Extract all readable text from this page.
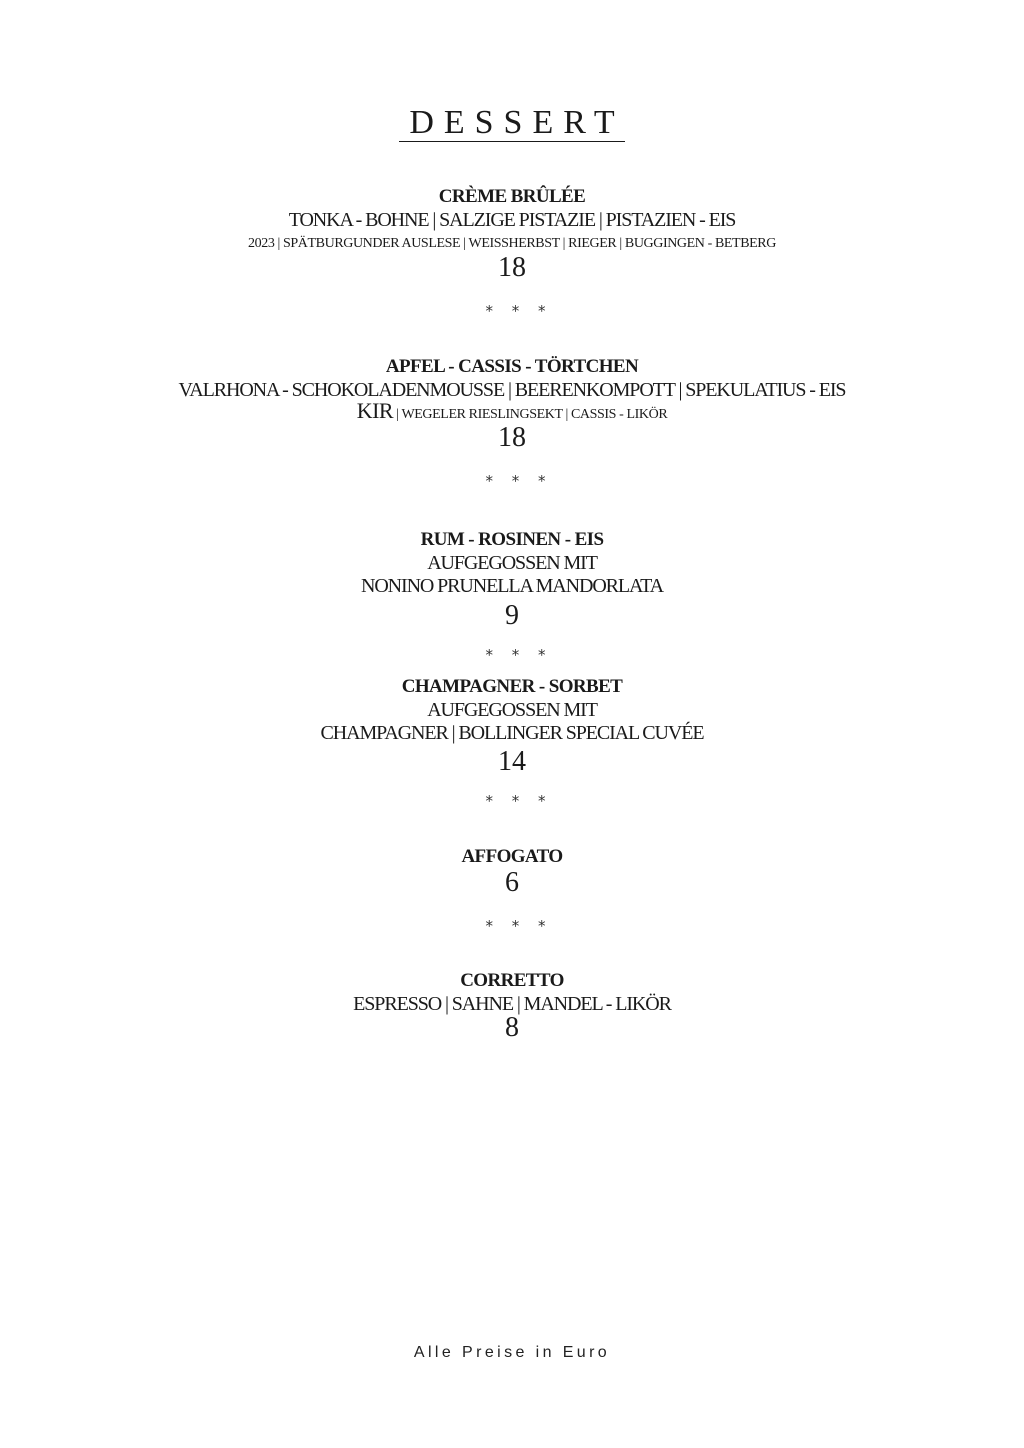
DESSERT
CRÈME BRÛLÉE
TONKA - BOHNE | SALZIGE PISTAZIE | PISTAZIEN - EIS
2023 | SPÄTBURGUNDER AUSLESE | WEISSHERBST | RIEGER | BUGGINGEN - BETBERG
18
* * *
APFEL - CASSIS - TÖRTCHEN
VALRHONA - SCHOKOLADENMOUSSE | BEERENKOMPOTT | SPEKULATIUS - EIS
KIR | WEGELER RIESLINGSEKT | CASSIS - LIKÖR
18
* * *
RUM - ROSINEN - EIS
AUFGEGOSSEN MIT
NONINO PRUNELLA MANDORLATA
9
* * *
CHAMPAGNER - SORBET
AUFGEGOSSEN MIT
CHAMPAGNER | BOLLINGER SPECIAL CUVÉE
14
* * *
AFFOGATO
6
* * *
CORRETTO
ESPRESSO | SAHNE | MANDEL - LIKÖR
8
Alle Preise in Euro
